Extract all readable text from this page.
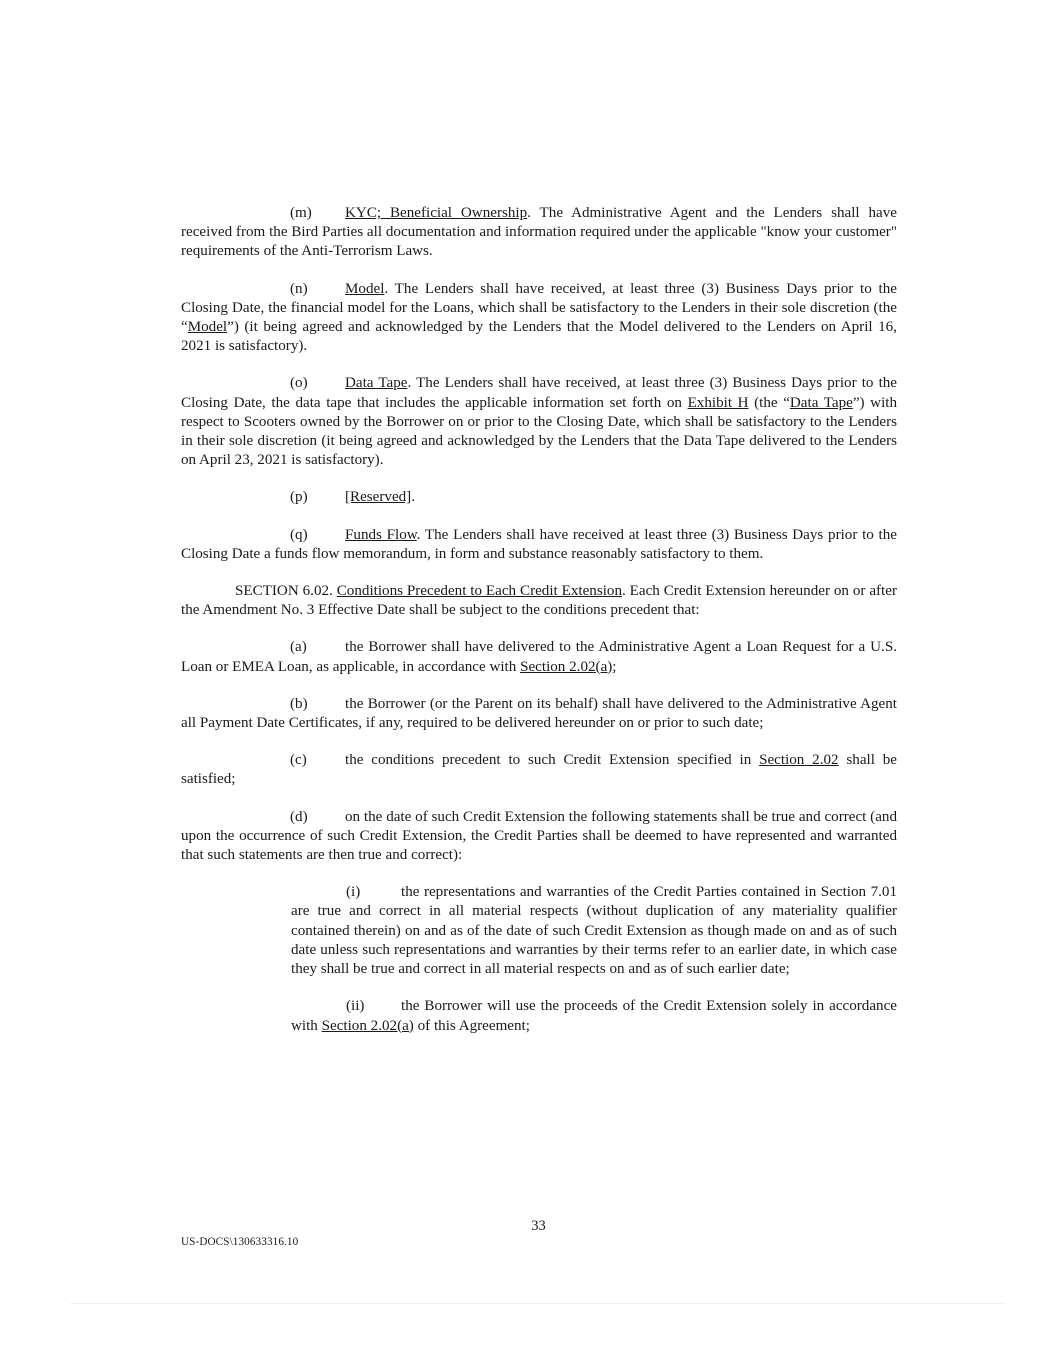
(m) KYC; Beneficial Ownership. The Administrative Agent and the Lenders shall have received from the Bird Parties all documentation and information required under the applicable "know your customer" requirements of the Anti-Terrorism Laws.

(n) Model. The Lenders shall have received, at least three (3) Business Days prior to the Closing Date, the financial model for the Loans, which shall be satisfactory to the Lenders in their sole discretion (the “Model”) (it being agreed and acknowledged by the Lenders that the Model delivered to the Lenders on April 16, 2021 is satisfactory).

(o) Data Tape. The Lenders shall have received, at least three (3) Business Days prior to the Closing Date, the data tape that includes the applicable information set forth on Exhibit H (the “Data Tape”) with respect to Scooters owned by the Borrower on or prior to the Closing Date, which shall be satisfactory to the Lenders in their sole discretion (it being agreed and acknowledged by the Lenders that the Data Tape delivered to the Lenders on April 23, 2021 is satisfactory).

(p) [Reserved].

(q) Funds Flow. The Lenders shall have received at least three (3) Business Days prior to the Closing Date a funds flow memorandum, in form and substance reasonably satisfactory to them.

SECTION 6.02. Conditions Precedent to Each Credit Extension. Each Credit Extension hereunder on or after the Amendment No. 3 Effective Date shall be subject to the conditions precedent that:

(a)	the Borrower shall have delivered to the Administrative Agent a Loan Request for a U.S. Loan or EMEA Loan, as applicable, in accordance with Section 2.02(a);

(b) the Borrower (or the Parent on its behalf) shall have delivered to the Administrative Agent all Payment Date Certificates, if any, required to be delivered hereunder on or prior to such date;

(c)	the conditions precedent to such Credit Extension specified in Section 2.02 shall be satisfied;

(d) on the date of such Credit Extension the following statements shall be true and correct (and upon the occurrence of such Credit Extension, the Credit Parties shall be deemed to have represented and warranted that such statements are then true and correct):

(i)	the representations and warranties of the Credit Parties contained in Section 7.01 are true and correct in all material respects (without duplication of any materiality qualifier contained therein) on and as of the date of such Credit Extension as though made on and as of such date unless such representations and warranties by their terms refer to an earlier date, in which case they shall be true and correct in all material respects on and as of such earlier date;

(ii) the Borrower will use the proceeds of the Credit Extension solely in accordance with Section 2.02(a) of this Agreement;

33
US-DOCS\130633316.10
